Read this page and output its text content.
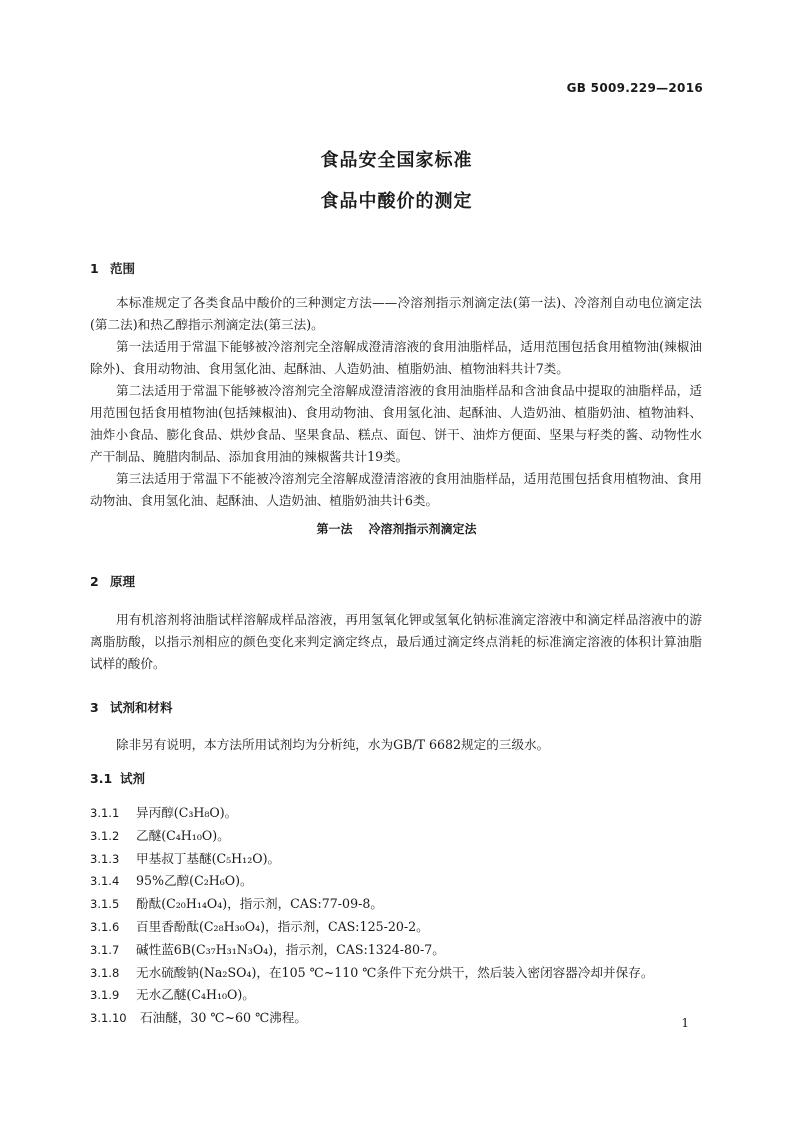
GB 5009.229—2016
食品安全国家标准
食品中酸价的测定
1 范围
本标准规定了各类食品中酸价的三种测定方法——冷溶剂指示剂滴定法(第一法)、冷溶剂自动电位滴定法(第二法)和热乙醇指示剂滴定法(第三法)。
第一法适用于常温下能够被冷溶剂完全溶解成澄清溶液的食用油脂样品，适用范围包括食用植物油(辣椒油除外)、食用动物油、食用氢化油、起酥油、人造奶油、植脂奶油、植物油料共计7类。
第二法适用于常温下能够被冷溶剂完全溶解成澄清溶液的食用油脂样品和含油食品中提取的油脂样品，适用范围包括食用植物油(包括辣椒油)、食用动物油、食用氢化油、起酥油、人造奶油、植脂奶油、植物油料、油炸小食品、膨化食品、烘炒食品、坚果食品、糕点、面包、饼干、油炸方便面、坚果与籽类的酱、动物性水产干制品、腌腊肉制品、添加食用油的辣椒酱共计19类。
第三法适用于常温下不能被冷溶剂完全溶解成澄清溶液的食用油脂样品，适用范围包括食用植物油、食用动物油、食用氢化油、起酥油、人造奶油、植脂奶油共计6类。
第一法 冷溶剂指示剂滴定法
2 原理
用有机溶剂将油脂试样溶解成样品溶液，再用氢氧化钾或氢氧化钠标准滴定溶液中和滴定样品溶液中的游离脂肪酸，以指示剂相应的颜色变化来判定滴定终点，最后通过滴定终点消耗的标准滴定溶液的体积计算油脂试样的酸价。
3 试剂和材料
除非另有说明，本方法所用试剂均为分析纯，水为GB/T 6682规定的三级水。
3.1 试剂
3.1.1 异丙醇(C₃H₈O)。
3.1.2 乙醚(C₄H₁₀O)。
3.1.3 甲基叔丁基醚(C₅H₁₂O)。
3.1.4 95%乙醇(C₂H₆O)。
3.1.5 酚酞(C₂₀H₁₄O₄)，指示剂，CAS:77-09-8。
3.1.6 百里香酚酞(C₂₈H₃₀O₄)，指示剂，CAS:125-20-2。
3.1.7 碱性蓝6B(C₃₇H₃₁N₃O₄)，指示剂，CAS:1324-80-7。
3.1.8 无水硫酸钠(Na₂SO₄)，在105 ℃~110 ℃条件下充分烘干，然后装入密闭容器冷却并保存。
3.1.9 无水乙醚(C₄H₁₀O)。
3.1.10 石油醚，30 ℃~60 ℃沸程。	1
